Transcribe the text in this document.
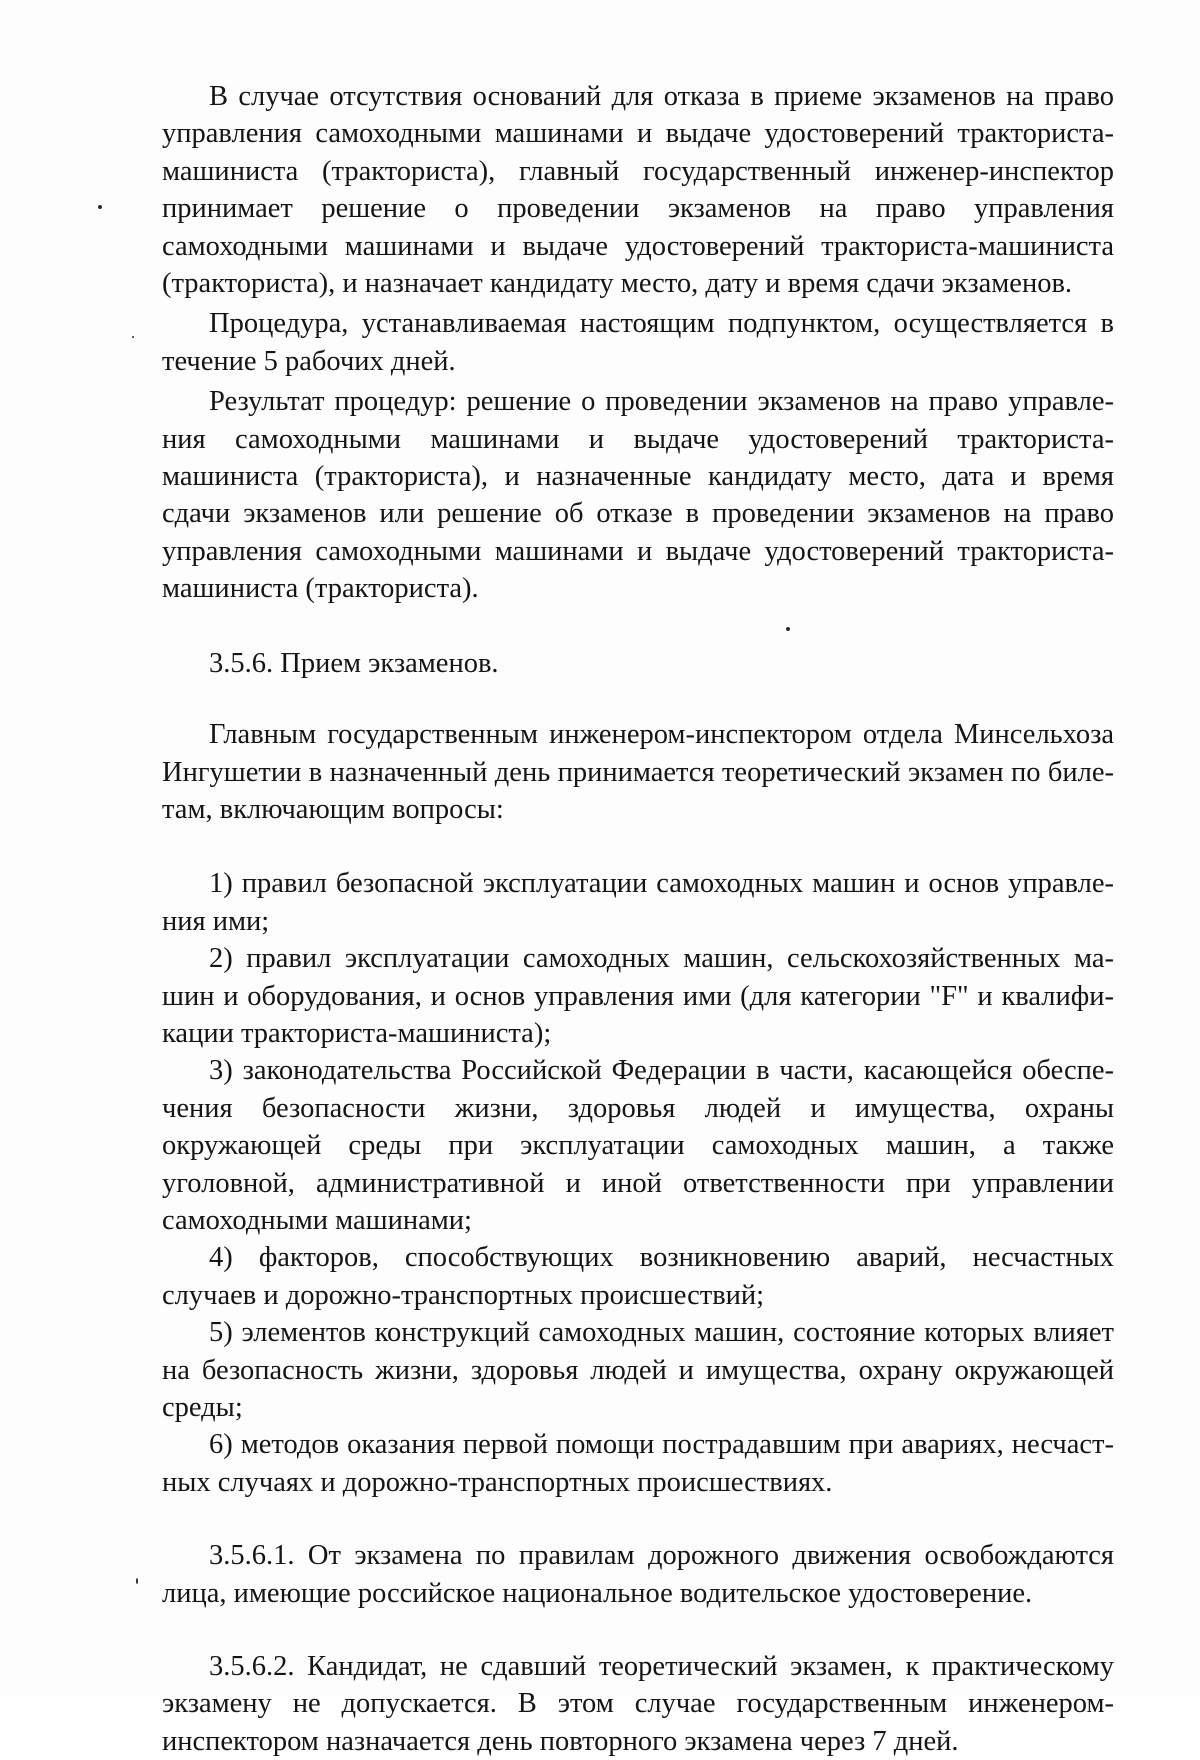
В случае отсутствия оснований для отказа в приеме экзаменов на право управления самоходными машинами и выдаче удостоверений тракториста-машиниста (тракториста), главный государственный инженер-инспектор принимает решение о проведении экзаменов на право управления самоходными машинами и выдаче удостоверений тракториста-машиниста (тракториста), и назначает кандидату место, дату и время сдачи экзаменов.

Процедура, устанавливаемая настоящим подпунктом, осуществляется в течение 5 рабочих дней.

Результат процедур: решение о проведении экзаменов на право управления самоходными машинами и выдаче удостоверений тракториста-машиниста (тракториста), и назначенные кандидату место, дата и время сдачи экзаменов или решение об отказе в проведении экзаменов на право управления самоходными машинами и выдаче удостоверений тракториста-машиниста (тракториста).

3.5.6. Прием экзаменов.

Главным государственным инженером-инспектором отдела Минсельхоза Ингушетии в назначенный день принимается теоретический экзамен по билетам, включающим вопросы:

1) правил безопасной эксплуатации самоходных машин и основ управления ими;

2) правил эксплуатации самоходных машин, сельскохозяйственных машин и оборудования, и основ управления ими (для категории "F" и квалификации тракториста-машиниста);

3) законодательства Российской Федерации в части, касающейся обеспечения безопасности жизни, здоровья людей и имущества, охраны окружающей среды при эксплуатации самоходных машин, а также уголовной, административной и иной ответственности при управлении самоходными машинами;

4) факторов, способствующих возникновению аварий, несчастных случаев и дорожно-транспортных происшествий;

5) элементов конструкций самоходных машин, состояние которых влияет на безопасность жизни, здоровья людей и имущества, охрану окружающей среды;

6) методов оказания первой помощи пострадавшим при авариях, несчастных случаях и дорожно-транспортных происшествиях.

3.5.6.1. От экзамена по правилам дорожного движения освобождаются лица, имеющие российское национальное водительское удостоверение.

3.5.6.2. Кандидат, не сдавший теоретический экзамен, к практическому экзамену не допускается. В этом случае государственным инженером-инспектором назначается день повторного экзамена через 7 дней.
